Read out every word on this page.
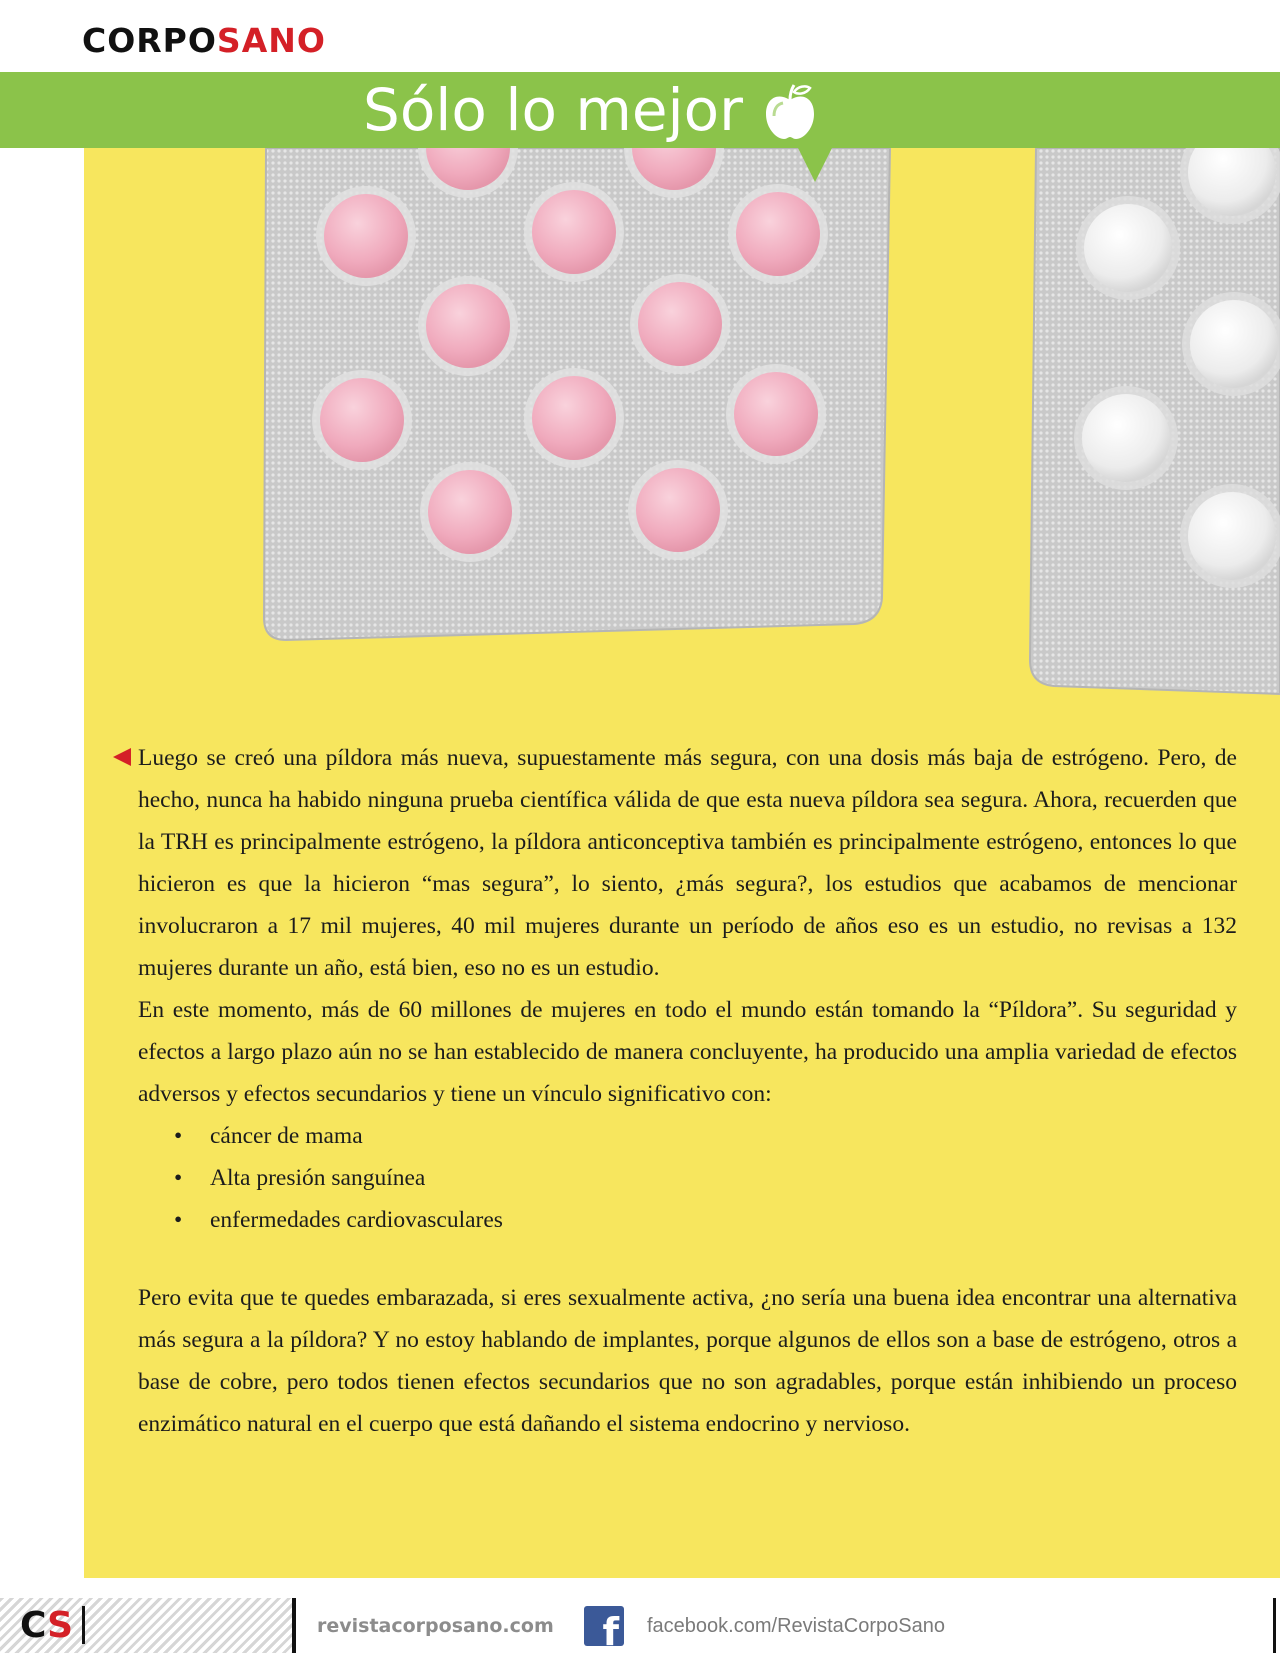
CORPOSANO
Sólo lo mejor

Luego se creó una píldora más nueva, supuestamente más segura, con una dosis más baja de estrógeno. Pero, de hecho, nunca ha habido ninguna prueba científica válida de que esta nueva píldora sea segura. Ahora, recuerden que la TRH es principalmente estrógeno, la píldora anticonceptiva también es principalmente estrógeno, entonces lo que hicieron es que la hicieron “mas segura”, lo siento, ¿más segura?, los estudios que acabamos de mencionar involucraron a 17 mil mujeres, 40 mil mujeres durante un período de años eso es un estudio, no revisas a 132 mujeres durante un año, está bien, eso no es un estudio.

En este momento, más de 60 millones de mujeres en todo el mundo están tomando la “Píldora”. Su seguridad y efectos a largo plazo aún no se han establecido de manera concluyente, ha producido una amplia variedad de efectos adversos y efectos secundarios y tiene un vínculo significativo con:

• cáncer de mama
• Alta presión sanguínea
• enfermedades cardiovasculares

Pero evita que te quedes embarazada, si eres sexualmente activa, ¿no sería una buena idea encontrar una alternativa más segura a la píldora? Y no estoy hablando de implantes, porque algunos de ellos son a base de estrógeno, otros a base de cobre, pero todos tienen efectos secundarios que no son agradables, porque están inhibiendo un proceso enzimático natural en el cuerpo que está dañando el sistema endocrino y nervioso.

CS	revistacorposano.com f facebook.com/RevistaCorpoSano
